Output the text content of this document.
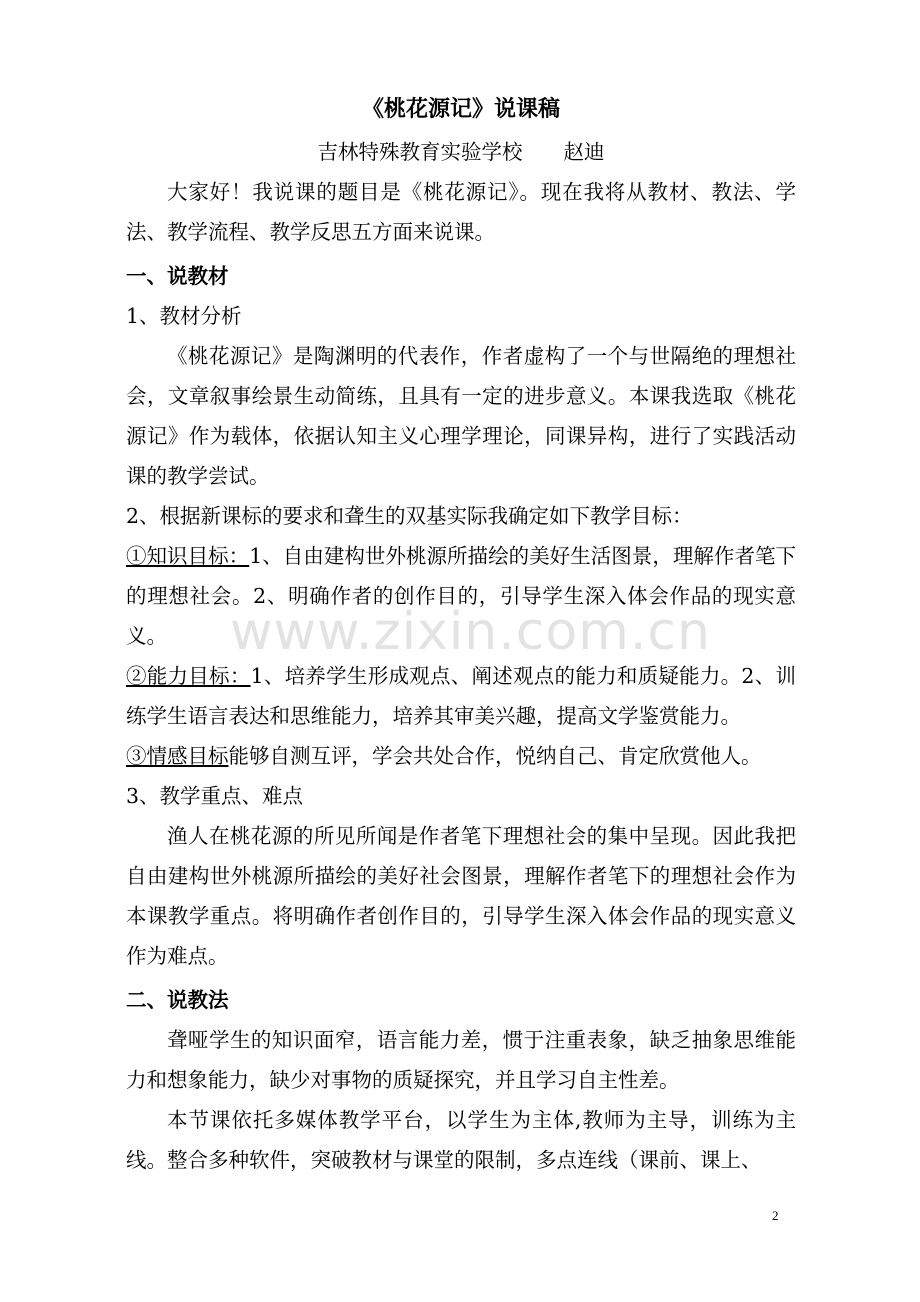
www.zixin.com.cn
《桃花源记》说课稿

吉林特殊教育实验学校　　赵迪

大家好！我说课的题目是《桃花源记》。现在我将从教材、教法、学法、教学流程、教学反思五方面来说课。

一、说教材

1、教材分析

《桃花源记》是陶渊明的代表作，作者虚构了一个与世隔绝的理想社会，文章叙事绘景生动简练，且具有一定的进步意义。本课我选取《桃花源记》作为载体，依据认知主义心理学理论，同课异构，进行了实践活动课的教学尝试。

2、根据新课标的要求和聋生的双基实际我确定如下教学目标：

①知识目标：1、自由建构世外桃源所描绘的美好生活图景，理解作者笔下的理想社会。2、明确作者的创作目的，引导学生深入体会作品的现实意义。

②能力目标：1、培养学生形成观点、阐述观点的能力和质疑能力。2、训练学生语言表达和思维能力，培养其审美兴趣，提高文学鉴赏能力。

③情感目标能够自测互评，学会共处合作，悦纳自己、肯定欣赏他人。

3、教学重点、难点

渔人在桃花源的所见所闻是作者笔下理想社会的集中呈现。因此我把自由建构世外桃源所描绘的美好社会图景，理解作者笔下的理想社会作为本课教学重点。将明确作者创作目的，引导学生深入体会作品的现实意义作为难点。

二、说教法

聋哑学生的知识面窄，语言能力差，惯于注重表象，缺乏抽象思维能力和想象能力，缺少对事物的质疑探究，并且学习自主性差。

本节课依托多媒体教学平台，以学生为主体,教师为主导，训练为主线。整合多种软件，突破教材与课堂的限制，多点连线（课前、课上、

2
